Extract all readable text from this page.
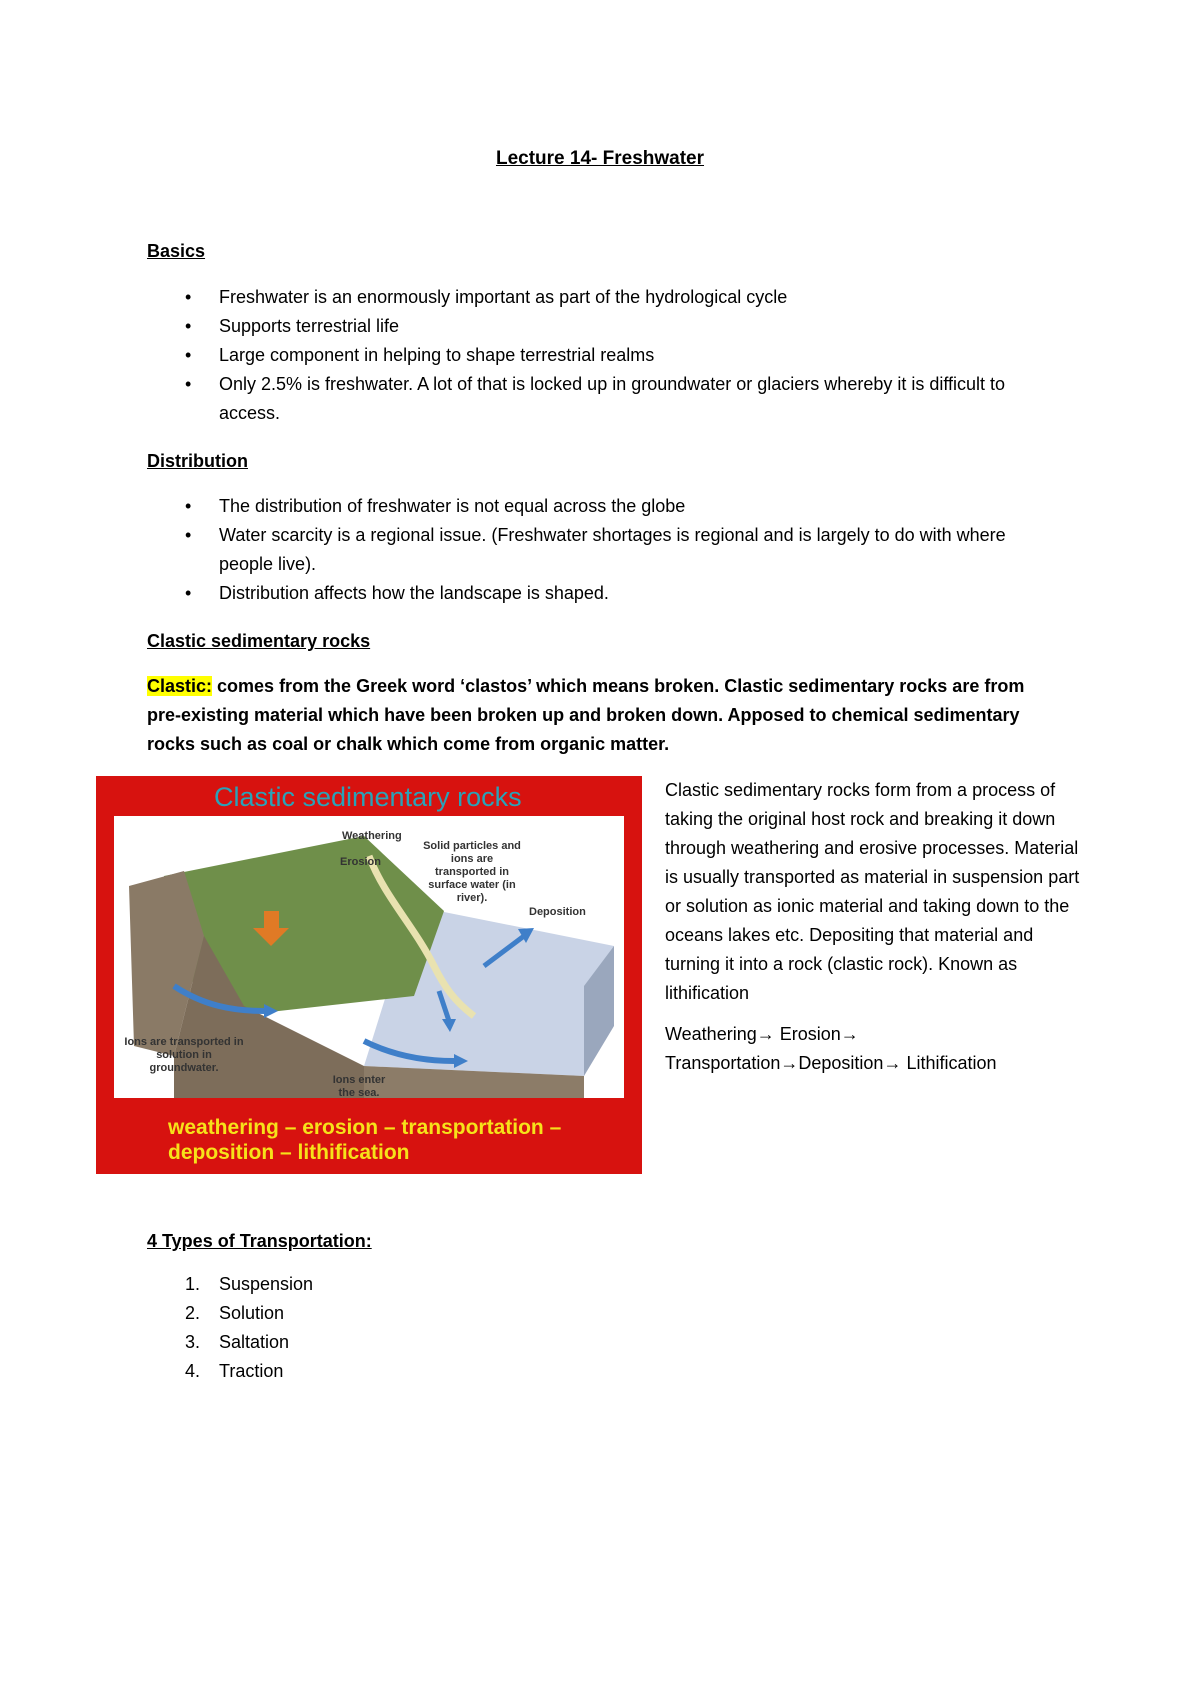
Lecture 14- Freshwater
Basics
• Freshwater is an enormously important as part of the hydrological cycle
• Supports terrestrial life
• Large component in helping to shape terrestrial realms
• Only 2.5% is freshwater. A lot of that is locked up in groundwater or glaciers whereby it is difficult to access.
Distribution
• The distribution of freshwater is not equal across the globe
• Water scarcity is a regional issue. (Freshwater shortages is regional and is largely to do with where people live).
• Distribution affects how the landscape is shaped.
Clastic sedimentary rocks
Clastic: comes from the Greek word ‘clastos’ which means broken. Clastic sedimentary rocks are from pre-existing material which have been broken up and broken down. Apposed to chemical sedimentary rocks such as coal or chalk which come from organic matter.
Clastic sedimentary rocks
Weathering
Erosion
Solid particles and ions are transported in surface water (in river).
Deposition
Ions are transported in solution in groundwater.
Ions enter the sea.
weathering – erosion – transportation –
deposition – lithification

Clastic sedimentary rocks form from a process of taking the original host rock and breaking it down through weathering and erosive processes. Material is usually transported as material in suspension part or solution as ionic material and taking down to the oceans lakes etc. Depositing that material and turning it into a rock (clastic rock). Known as lithification

Weathering→ Erosion→ Transportation→Deposition→ Lithification

4 Types of Transportation:
1. Suspension
2. Solution
3. Saltation
4. Traction
